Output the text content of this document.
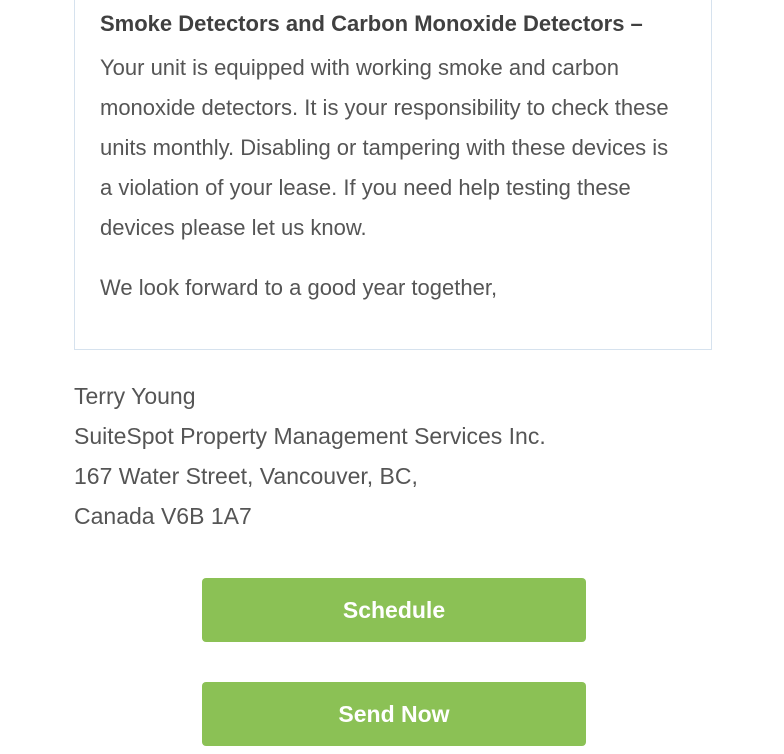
Smoke Detectors and Carbon Monoxide Detectors –
Your unit is equipped with working smoke and carbon monoxide detectors. It is your responsibility to check these units monthly. Disabling or tampering with these devices is a violation of your lease. If you need help testing these devices please let us know.
We look forward to a good year together,
Terry Young
SuiteSpot Property Management Services Inc.
167 Water Street, Vancouver, BC,
Canada V6B 1A7
Schedule
Send Now
